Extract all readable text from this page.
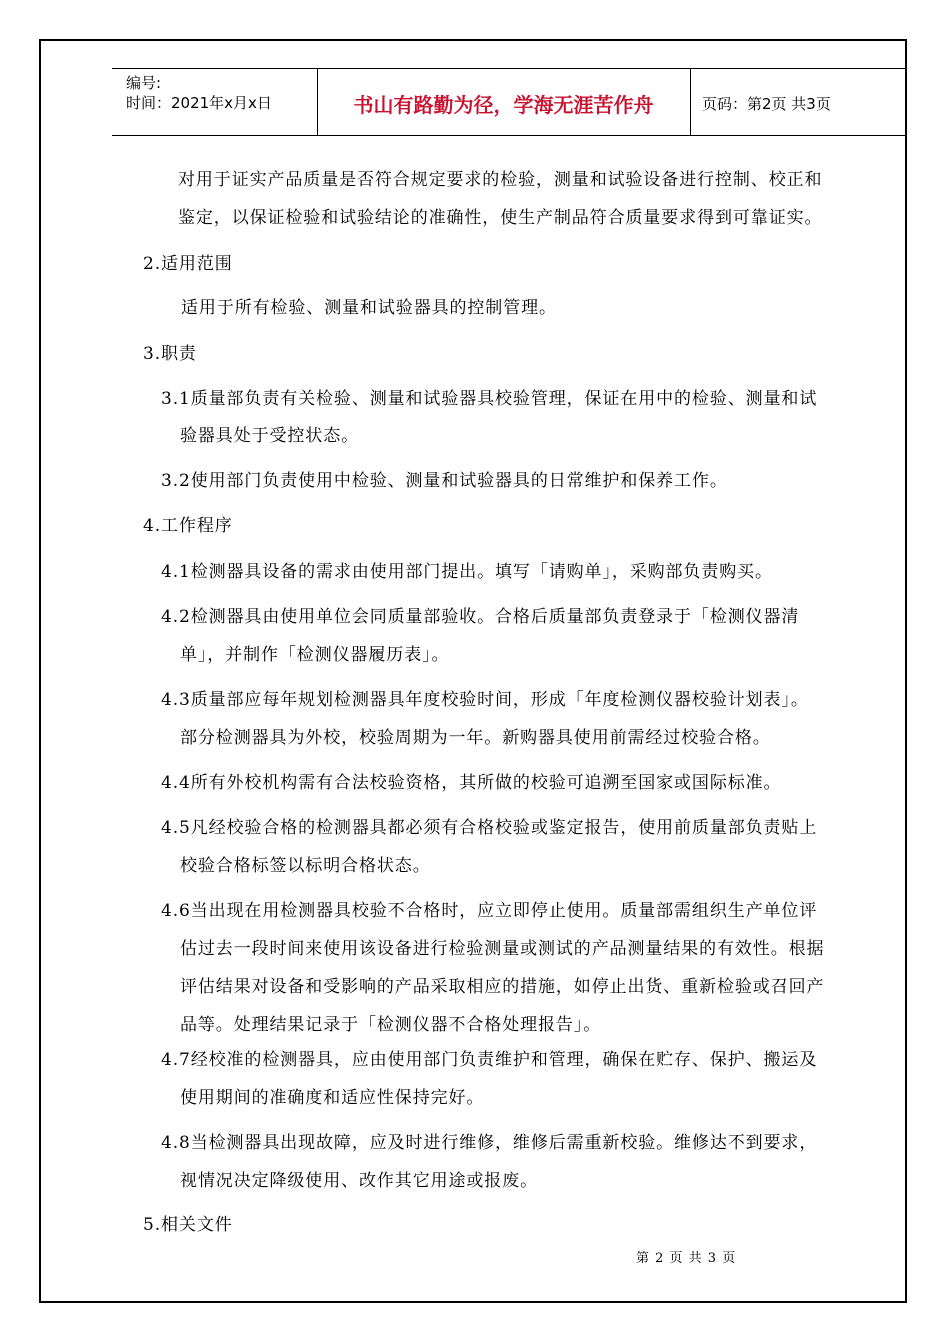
编号:
时间：2021年x月x日	书山有路勤为径，学海无涯苦作舟	页码：第2页 共3页
对用于证实产品质量是否符合规定要求的检验，测量和试验设备进行控制、校正和
鉴定，以保证检验和试验结论的准确性，使生产制品符合质量要求得到可靠证实。
2.适用范围
适用于所有检验、测量和试验器具的控制管理。
3.职责
3.1质量部负责有关检验、测量和试验器具校验管理，保证在用中的检验、测量和试
验器具处于受控状态。
3.2使用部门负责使用中检验、测量和试验器具的日常维护和保养工作。
4.工作程序
4.1检测器具设备的需求由使用部门提出。填写「请购单」，采购部负责购买。
4.2检测器具由使用单位会同质量部验收。合格后质量部负责登录于「检测仪器清
单」，并制作「检测仪器履历表」。
4.3质量部应每年规划检测器具年度校验时间，形成「年度检测仪器校验计划表」。
部分检测器具为外校，校验周期为一年。新购器具使用前需经过校验合格。
4.4所有外校机构需有合法校验资格，其所做的校验可追溯至国家或国际标准。
4.5凡经校验合格的检测器具都必须有合格校验或鉴定报告，使用前质量部负责贴上
校验合格标签以标明合格状态。
4.6当出现在用检测器具校验不合格时，应立即停止使用。质量部需组织生产单位评
估过去一段时间来使用该设备进行检验测量或测试的产品测量结果的有效性。根据
评估结果对设备和受影响的产品采取相应的措施，如停止出货、重新检验或召回产
品等。处理结果记录于「检测仪器不合格处理报告」。
4.7经校准的检测器具，应由使用部门负责维护和管理，确保在贮存、保护、搬运及
使用期间的准确度和适应性保持完好。
4.8当检测器具出现故障，应及时进行维修，维修后需重新校验。维修达不到要求，
视情况决定降级使用、改作其它用途或报废。
5.相关文件
第 2 页 共 3 页
